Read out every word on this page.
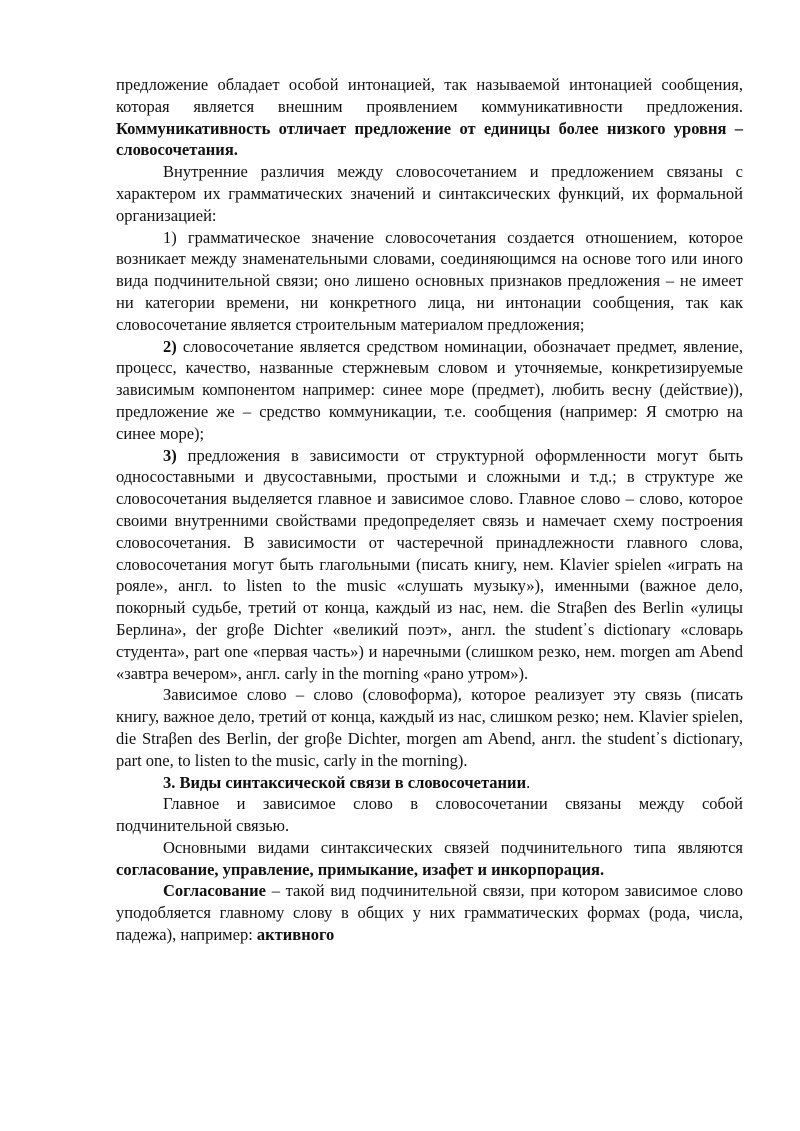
предложение обладает особой интонацией, так называемой интонацией сообщения, которая является внешним проявлением коммуникативности предложения. Коммуникативность отличает предложение от единицы более низкого уровня – словосочетания.

Внутренние различия между словосочетанием и предложением связаны с характером их грамматических значений и синтаксических функций, их формальной организацией:

1) грамматическое значение словосочетания создается отношением, которое возникает между знаменательными словами, соединяющимся на основе того или иного вида подчинительной связи; оно лишено основных признаков предложения – не имеет ни категории времени, ни конкретного лица, ни интонации сообщения, так как словосочетание является строительным материалом предложения;

2) словосочетание является средством номинации, обозначает предмет, явление, процесс, качество, названные стержневым словом и уточняемые, конкретизируемые зависимым компонентом например: синее море (предмет), любить весну (действие)), предложение же – средство коммуникации, т.е. сообщения (например: Я смотрю на синее море);

3) предложения в зависимости от структурной оформленности могут быть односоставными и двусоставными, простыми и сложными и т.д.; в структуре же словосочетания выделяется главное и зависимое слово. Главное слово – слово, которое своими внутренними свойствами предопределяет связь и намечает схему построения словосочетания. В зависимости от частеречной принадлежности главного слова, словосочетания могут быть глагольными (писать книгу, нем. Klavier spielen «играть на рояле», англ. to listen to the music «слушать музыку»), именными (важное дело, покорный судьбе, третий от конца, каждый из нас, нем. die Straβen des Berlin «улицы Берлина», der groβe Dichter «великий поэт», англ. the student᾿s dictionary «словарь студента», part one «первая часть») и наречными (слишком резко, нем. morgen am Abend «завтра вечером», англ. carly in the morning «рано утром»).

Зависимое слово – слово (словоформа), которое реализует эту связь (писать книгу, важное дело, третий от конца, каждый из нас, слишком резко; нем. Klavier spielen, die Straβen des Berlin, der groβe Dichter, morgen am Abend, англ. the student᾿s dictionary, part one, to listen to the music, carly in the morning).

3. Виды синтаксической связи в словосочетании.

Главное и зависимое слово в словосочетании связаны между собой подчинительной связью.

Основными видами синтаксических связей подчинительного типа являются согласование, управление, примыкание, изафет и инкорпорация.

Согласование – такой вид подчинительной связи, при котором зависимое слово уподобляется главному слову в общих у них грамматических формах (рода, числа, падежа), например: активного
